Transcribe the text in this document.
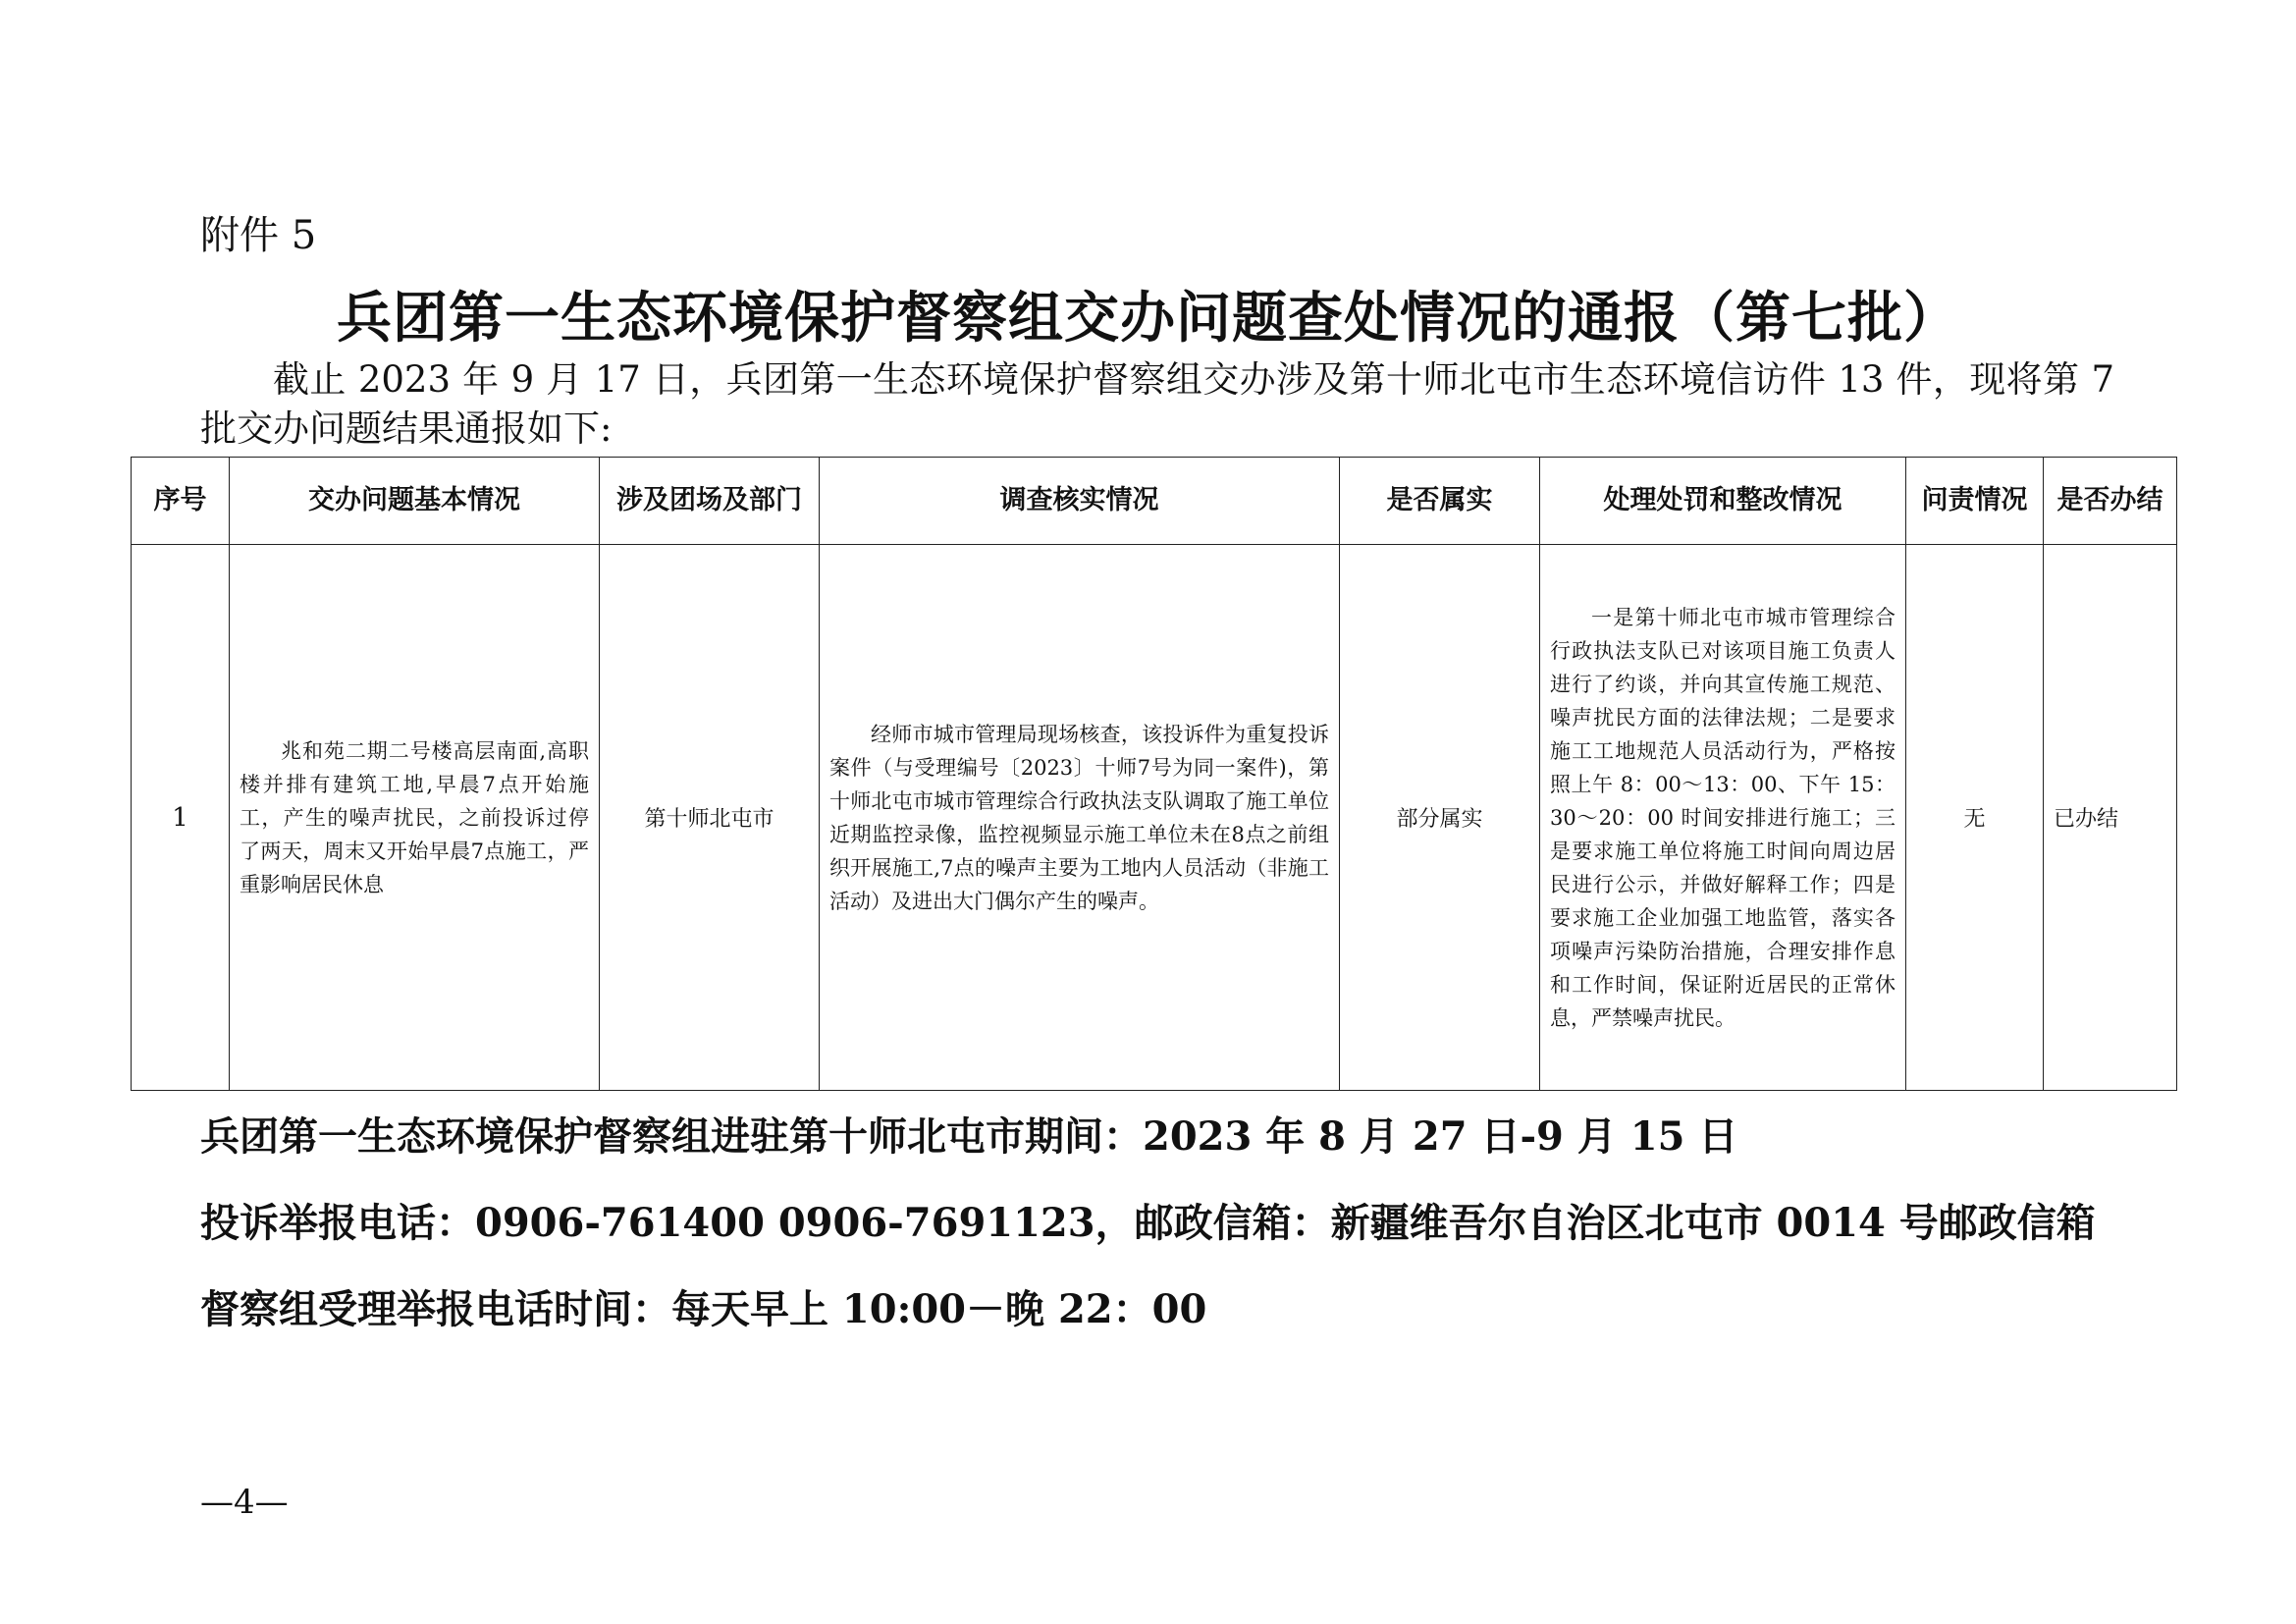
附件 5
兵团第一生态环境保护督察组交办问题查处情况的通报（第七批）
截止 2023 年 9 月 17 日，兵团第一生态环境保护督察组交办涉及第十师北屯市生态环境信访件 13 件，现将第 7 批交办问题结果通报如下:
序号	交办问题基本情况	涉及团场及部门	调查核实情况	是否属实	处理处罚和整改情况	问责情况	是否办结
1	兆和苑二期二号楼高层南面,高职楼并排有建筑工地,早晨7点开始施工，产生的噪声扰民，之前投诉过停了两天，周末又开始早晨7点施工，严重影响居民休息	第十师北屯市	经师市城市管理局现场核查，该投诉件为重复投诉案件（与受理编号〔2023〕十师7号为同一案件)，第十师北屯市城市管理综合行政执法支队调取了施工单位近期监控录像，监控视频显示施工单位未在8点之前组织开展施工,7点的噪声主要为工地内人员活动（非施工活动）及进出大门偶尔产生的噪声。	部分属实	一是第十师北屯市城市管理综合行政执法支队已对该项目施工负责人进行了约谈，并向其宣传施工规范、噪声扰民方面的法律法规；二是要求施工工地规范人员活动行为，严格按照上午 8：00～13：00、下午 15：30～20：00 时间安排进行施工；三是要求施工单位将施工时间向周边居民进行公示，并做好解释工作；四是要求施工企业加强工地监管，落实各项噪声污染防治措施，合理安排作息和工作时间，保证附近居民的正常休息，严禁噪声扰民。	无	已办结
兵团第一生态环境保护督察组进驻第十师北屯市期间：2023 年 8 月 27 日-9 月 15 日
投诉举报电话：0906-761400 0906-7691123，邮政信箱：新疆维吾尔自治区北屯市 0014 号邮政信箱
督察组受理举报电话时间：每天早上 10:00－晚 22：00
—4—
